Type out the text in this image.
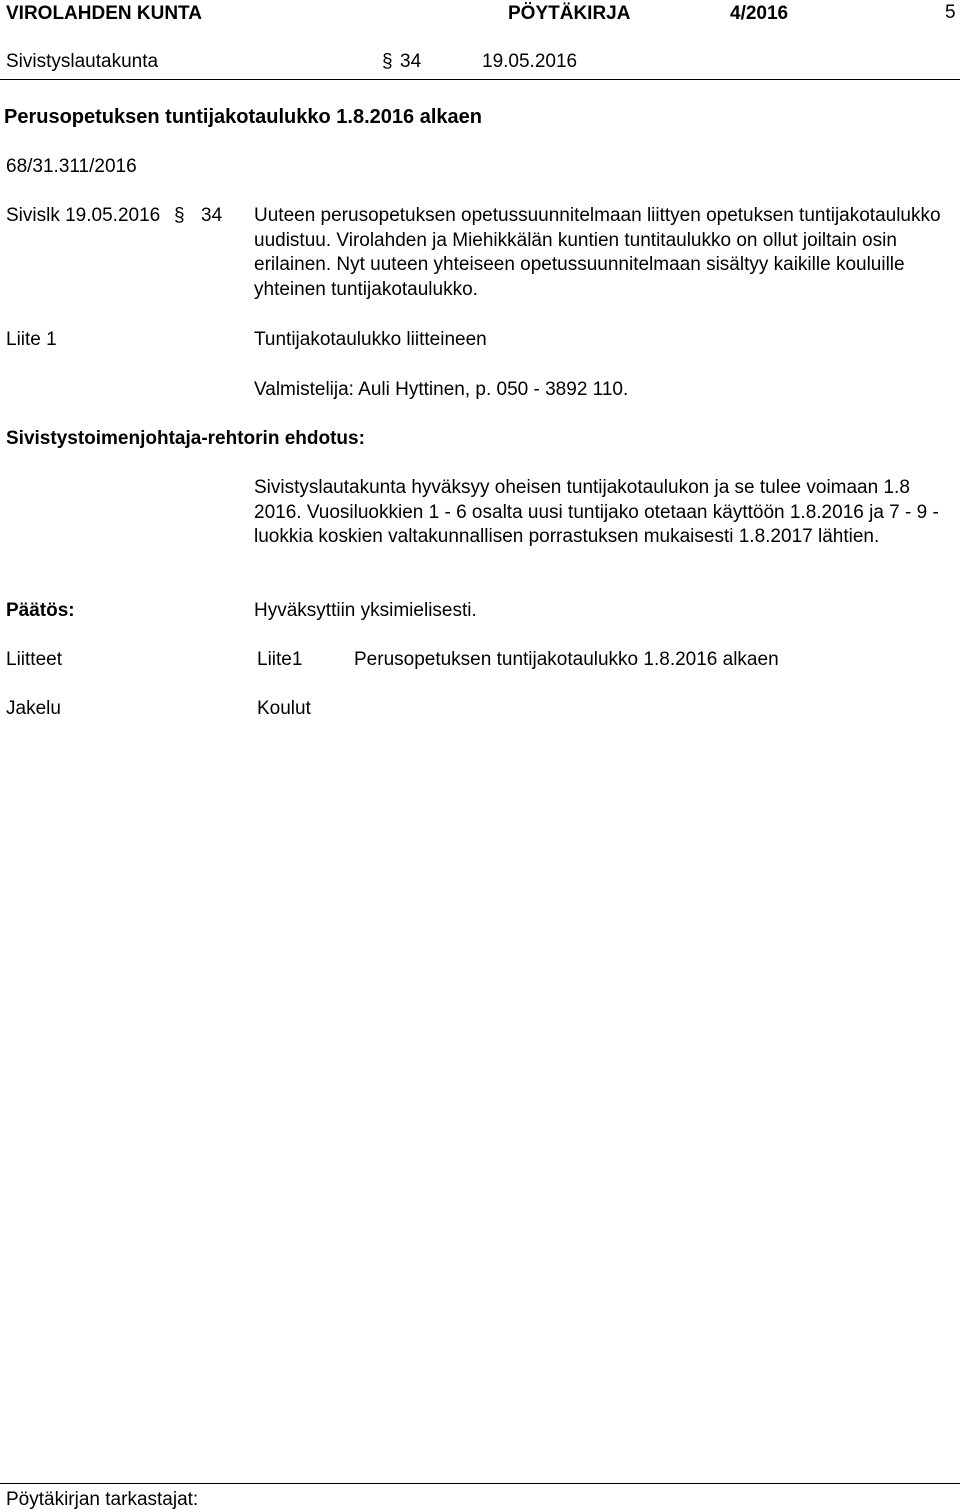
VIROLAHDEN KUNTA	PÖYTÄKIRJA	4/2016	5
Sivistyslautakunta	§ 34	19.05.2016
Perusopetuksen tuntijakotaulukko 1.8.2016 alkaen
68/31.311/2016
Sivislk 19.05.2016 § 34 Uuteen perusopetuksen opetussuunnitelmaan liittyen opetuksen tuntijakotaulukko uudistuu. Virolahden ja Miehikkälän kuntien tuntitaulukko on ollut joiltain osin erilainen. Nyt uuteen yhteiseen opetussuunnitelmaan sisältyy kaikille kouluille yhteinen tuntijakotaulukko.
Liite 1	Tuntijakotaulukko liitteineen
Valmistelija: Auli Hyttinen, p. 050 - 3892 110.
Sivistystoimenjohtaja-rehtorin ehdotus:
Sivistyslautakunta hyväksyy oheisen tuntijakotaulukon ja se tulee voimaan 1.8 2016. Vuosiluokkien 1 - 6 osalta uusi tuntijako otetaan käyttöön 1.8.2016 ja 7 - 9 -luokkia koskien valtakunnallisen porrastuksen mukaisesti 1.8.2017 lähtien.
Päätös:	Hyväksyttiin yksimielisesti.
Liitteet	Liite1	Perusopetuksen tuntijakotaulukko 1.8.2016 alkaen
Jakelu	Koulut
Pöytäkirjan tarkastajat:
